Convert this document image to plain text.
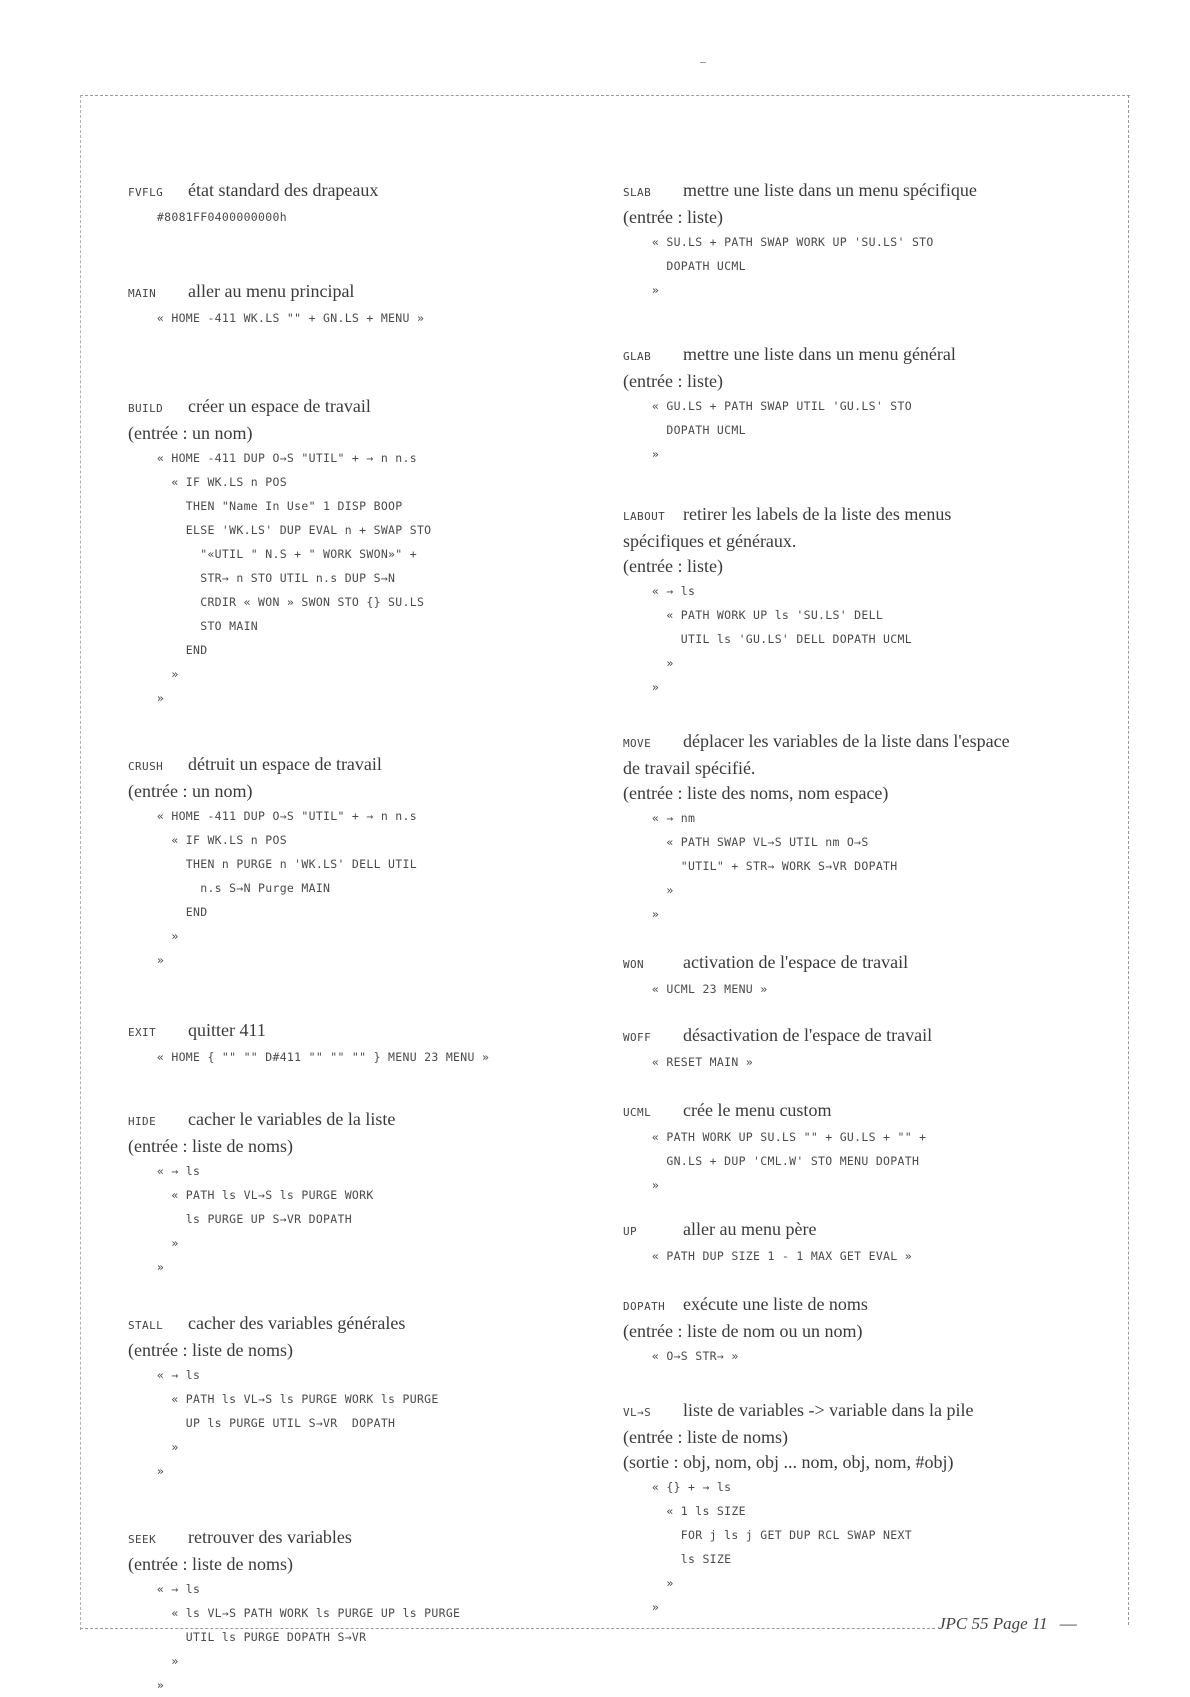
FVFLG état standard des drapeaux
#8081FF0400000000h
MAIN aller au menu principal
« HOME -411 WK.LS "" + GN.LS + MENU »
BUILD créer un espace de travail
(entrée : un nom)
« HOME -411 DUP O→S "UTIL" + → n n.s
« IF WK.LS n POS
THEN "Name In Use" 1 DISP BOOP
ELSE 'WK.LS' DUP EVAL n + SWAP STO
"«UTIL " N.S + " WORK SWON»" +
STR→ n STO UTIL n.s DUP S→N
CRDIR « WON » SWON STO {} SU.LS
STO MAIN
END
»
»
CRUSH détruit un espace de travail
(entrée : un nom)
« HOME -411 DUP O→S "UTIL" + → n n.s
« IF WK.LS n POS
THEN n PURGE n 'WK.LS' DELL UTIL
n.s S→N Purge MAIN
END
»
»
EXIT quitter 411
« HOME { "" "" D#411 "" "" "" } MENU 23 MENU »
HIDE cacher le variables de la liste
(entrée : liste de noms)
« → ls
« PATH ls VL→S ls PURGE WORK
ls PURGE UP S→VR DOPATH
»
»
STALL cacher des variables générales
(entrée : liste de noms)
« → ls
« PATH ls VL→S ls PURGE WORK ls PURGE
UP ls PURGE UTIL S→VR  DOPATH
»
»
SEEK retrouver des variables
(entrée : liste de noms)
« → ls
« ls VL→S PATH WORK ls PURGE UP ls PURGE
UTIL ls PURGE DOPATH S→VR
»
»
SLAB mettre une liste dans un menu spécifique
(entrée : liste)
« SU.LS + PATH SWAP WORK UP 'SU.LS' STO
DOPATH UCML
»
GLAB mettre une liste dans un menu général
(entrée : liste)
« GU.LS + PATH SWAP UTIL 'GU.LS' STO
DOPATH UCML
»
LABOUT retirer les labels de la liste des menus
spécifiques et généraux.
(entrée : liste)
« → ls
« PATH WORK UP ls 'SU.LS' DELL
UTIL ls 'GU.LS' DELL DOPATH UCML
»
»
MOVE déplacer les variables de la liste dans l'espace
de travail spécifié.
(entrée : liste des noms, nom espace)
« → nm
« PATH SWAP VL→S UTIL nm O→S
"UTIL" + STR→ WORK S→VR DOPATH
»
»
WON activation de l'espace de travail
« UCML 23 MENU »
WOFF désactivation de l'espace de travail
« RESET MAIN »
UCML crée le menu custom
« PATH WORK UP SU.LS "" + GU.LS + "" +
GN.LS + DUP 'CML.W' STO MENU DOPATH
»
UP	aller au menu père
« PATH DUP SIZE 1 - 1 MAX GET EVAL »
DOPATH exécute une liste de noms
(entrée : liste de nom ou un nom)
« O→S STR→ »
VL→S liste de variables -> variable dans la pile
(entrée : liste de noms)
(sortie : obj, nom, obj ... nom, obj, nom, #obj)
« {} + → ls
« 1 ls SIZE
FOR j ls j GET DUP RCL SWAP NEXT
ls SIZE
»
»
JPC 55 Page 11 —
